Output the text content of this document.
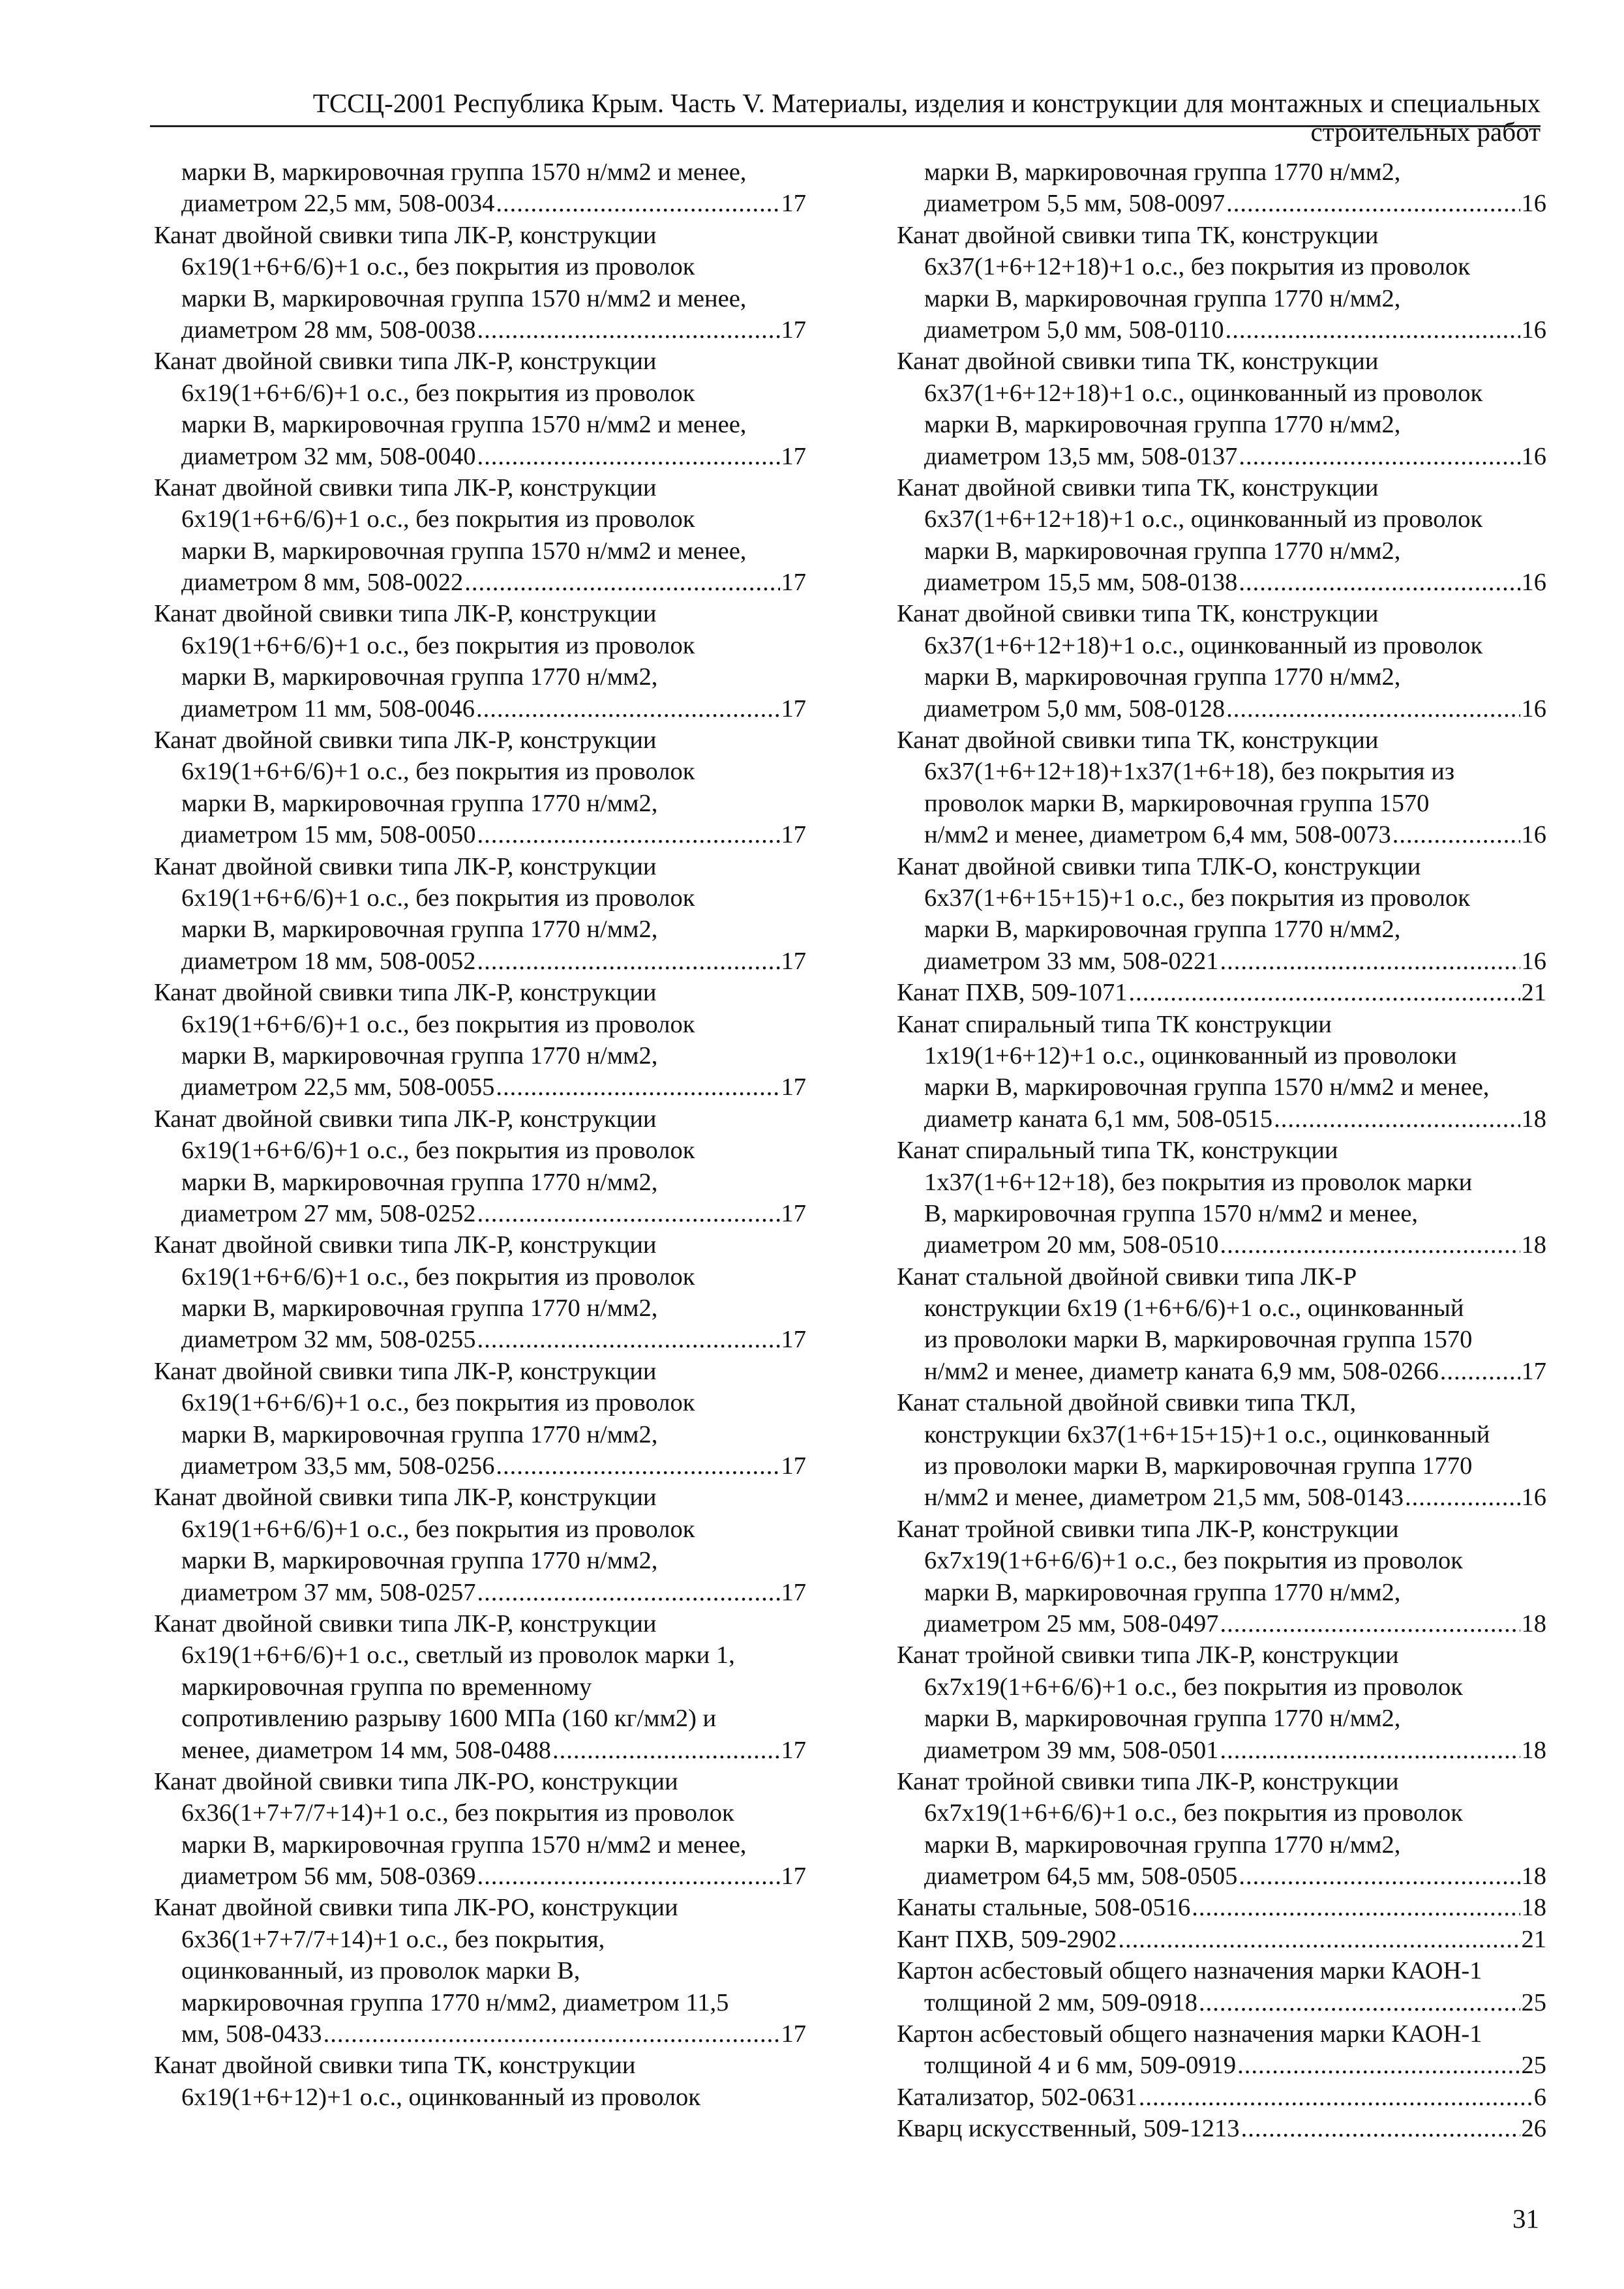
ТССЦ-2001 Республика Крым. Часть V. Материалы, изделия и конструкции для монтажных и специальных
строительных работ
марки В, маркировочная группа 1570 н/мм2 и менее,
диаметром 22,5 мм, 508-0034 .....	17
Канат двойной свивки типа ЛК-Р, конструкции
6х19(1+6+6/6)+1 о.с., без покрытия из проволок
марки В, маркировочная группа 1570 н/мм2 и менее,
диаметром 28 мм, 508-0038 .....	17
Канат двойной свивки типа ЛК-Р, конструкции
6х19(1+6+6/6)+1 о.с., без покрытия из проволок
марки В, маркировочная группа 1570 н/мм2 и менее,
диаметром 32 мм, 508-0040 .....	17
Канат двойной свивки типа ЛК-Р, конструкции
6х19(1+6+6/6)+1 о.с., без покрытия из проволок
марки В, маркировочная группа 1570 н/мм2 и менее,
диаметром 8 мм, 508-0022 .....	17
Канат двойной свивки типа ЛК-Р, конструкции
6х19(1+6+6/6)+1 о.с., без покрытия из проволок
марки В, маркировочная группа 1770 н/мм2,
диаметром 11 мм, 508-0046 .....	17
Канат двойной свивки типа ЛК-Р, конструкции
6х19(1+6+6/6)+1 о.с., без покрытия из проволок
марки В, маркировочная группа 1770 н/мм2,
диаметром 15 мм, 508-0050 .....	17
Канат двойной свивки типа ЛК-Р, конструкции
6х19(1+6+6/6)+1 о.с., без покрытия из проволок
марки В, маркировочная группа 1770 н/мм2,
диаметром 18 мм, 508-0052 .....	17
Канат двойной свивки типа ЛК-Р, конструкции
6х19(1+6+6/6)+1 о.с., без покрытия из проволок
марки В, маркировочная группа 1770 н/мм2,
диаметром 22,5 мм, 508-0055 .....	17
Канат двойной свивки типа ЛК-Р, конструкции
6х19(1+6+6/6)+1 о.с., без покрытия из проволок
марки В, маркировочная группа 1770 н/мм2,
диаметром 27 мм, 508-0252 .....	17
Канат двойной свивки типа ЛК-Р, конструкции
6х19(1+6+6/6)+1 о.с., без покрытия из проволок
марки В, маркировочная группа 1770 н/мм2,
диаметром 32 мм, 508-0255 .....	17
Канат двойной свивки типа ЛК-Р, конструкции
6х19(1+6+6/6)+1 о.с., без покрытия из проволок
марки В, маркировочная группа 1770 н/мм2,
диаметром 33,5 мм, 508-0256 .....	17
Канат двойной свивки типа ЛК-Р, конструкции
6х19(1+6+6/6)+1 о.с., без покрытия из проволок
марки В, маркировочная группа 1770 н/мм2,
диаметром 37 мм, 508-0257 .....	17
Канат двойной свивки типа ЛК-Р, конструкции
6х19(1+6+6/6)+1 о.с., светлый из проволок марки 1,
маркировочная группа по временному
сопротивлению разрыву 1600 МПа (160 кг/мм2) и
менее, диаметром 14 мм, 508-0488 .....	17
Канат двойной свивки типа ЛК-РО, конструкции
6х36(1+7+7/7+14)+1 о.с., без покрытия из проволок
марки В, маркировочная группа 1570 н/мм2 и менее,
диаметром 56 мм, 508-0369 .....	17
Канат двойной свивки типа ЛК-РО, конструкции
6х36(1+7+7/7+14)+1 о.с., без покрытия,
оцинкованный, из проволок марки В,
маркировочная группа 1770 н/мм2, диаметром 11,5
мм, 508-0433 .....	17
Канат двойной свивки типа ТК, конструкции
6х19(1+6+12)+1 о.с., оцинкованный из проволок
марки В, маркировочная группа 1770 н/мм2,
диаметром 5,5 мм, 508-0097 .....	16
Канат двойной свивки типа ТК, конструкции
6х37(1+6+12+18)+1 о.с., без покрытия из проволок
марки В, маркировочная группа 1770 н/мм2,
диаметром 5,0 мм, 508-0110 .....	16
Канат двойной свивки типа ТК, конструкции
6х37(1+6+12+18)+1 о.с., оцинкованный из проволок
марки В, маркировочная группа 1770 н/мм2,
диаметром 13,5 мм, 508-0137 .....	16
Канат двойной свивки типа ТК, конструкции
6х37(1+6+12+18)+1 о.с., оцинкованный из проволок
марки В, маркировочная группа 1770 н/мм2,
диаметром 15,5 мм, 508-0138 .....	16
Канат двойной свивки типа ТК, конструкции
6х37(1+6+12+18)+1 о.с., оцинкованный из проволок
марки В, маркировочная группа 1770 н/мм2,
диаметром 5,0 мм, 508-0128 .....	16
Канат двойной свивки типа ТК, конструкции
6х37(1+6+12+18)+1х37(1+6+18), без покрытия из
проволок марки В, маркировочная группа 1570
н/мм2 и менее, диаметром 6,4 мм, 508-0073 .....	16
Канат двойной свивки типа ТЛК-О, конструкции
6х37(1+6+15+15)+1 о.с., без покрытия из проволок
марки В, маркировочная группа 1770 н/мм2,
диаметром 33 мм, 508-0221 .....	16
Канат ПХВ, 509-1071 .....	21
Канат спиральный типа ТК конструкции
1х19(1+6+12)+1 о.с., оцинкованный из проволоки
марки В, маркировочная группа 1570 н/мм2 и менее,
диаметр каната 6,1 мм, 508-0515 .....	18
Канат спиральный типа ТК, конструкции
1х37(1+6+12+18), без покрытия из проволок марки
В, маркировочная группа 1570 н/мм2 и менее,
диаметром 20 мм, 508-0510 .....	18
Канат стальной двойной свивки типа ЛК-Р
конструкции 6х19 (1+6+6/6)+1 о.с., оцинкованный
из проволоки марки В, маркировочная группа 1570
н/мм2 и менее, диаметр каната 6,9 мм, 508-0266 .....	17
Канат стальной двойной свивки типа ТКЛ,
конструкции 6х37(1+6+15+15)+1 о.с., оцинкованный
из проволоки марки В, маркировочная группа 1770
н/мм2 и менее, диаметром 21,5 мм, 508-0143 .....	16
Канат тройной свивки типа ЛК-Р, конструкции
6х7х19(1+6+6/6)+1 о.с., без покрытия из проволок
марки В, маркировочная группа 1770 н/мм2,
диаметром 25 мм, 508-0497 .....	18
Канат тройной свивки типа ЛК-Р, конструкции
6х7х19(1+6+6/6)+1 о.с., без покрытия из проволок
марки В, маркировочная группа 1770 н/мм2,
диаметром 39 мм, 508-0501 .....	18
Канат тройной свивки типа ЛК-Р, конструкции
6х7х19(1+6+6/6)+1 о.с., без покрытия из проволок
марки В, маркировочная группа 1770 н/мм2,
диаметром 64,5 мм, 508-0505 .....	18
Канаты стальные, 508-0516 .....	18
Кант ПХВ, 509-2902 .....	21
Картон асбестовый общего назначения марки КАОН-1
толщиной 2 мм, 509-0918 .....	25
Картон асбестовый общего назначения марки КАОН-1
толщиной 4 и 6 мм, 509-0919 .....	25
Катализатор, 502-0631 .....	6
Кварц искусственный, 509-1213 .....	26
31
